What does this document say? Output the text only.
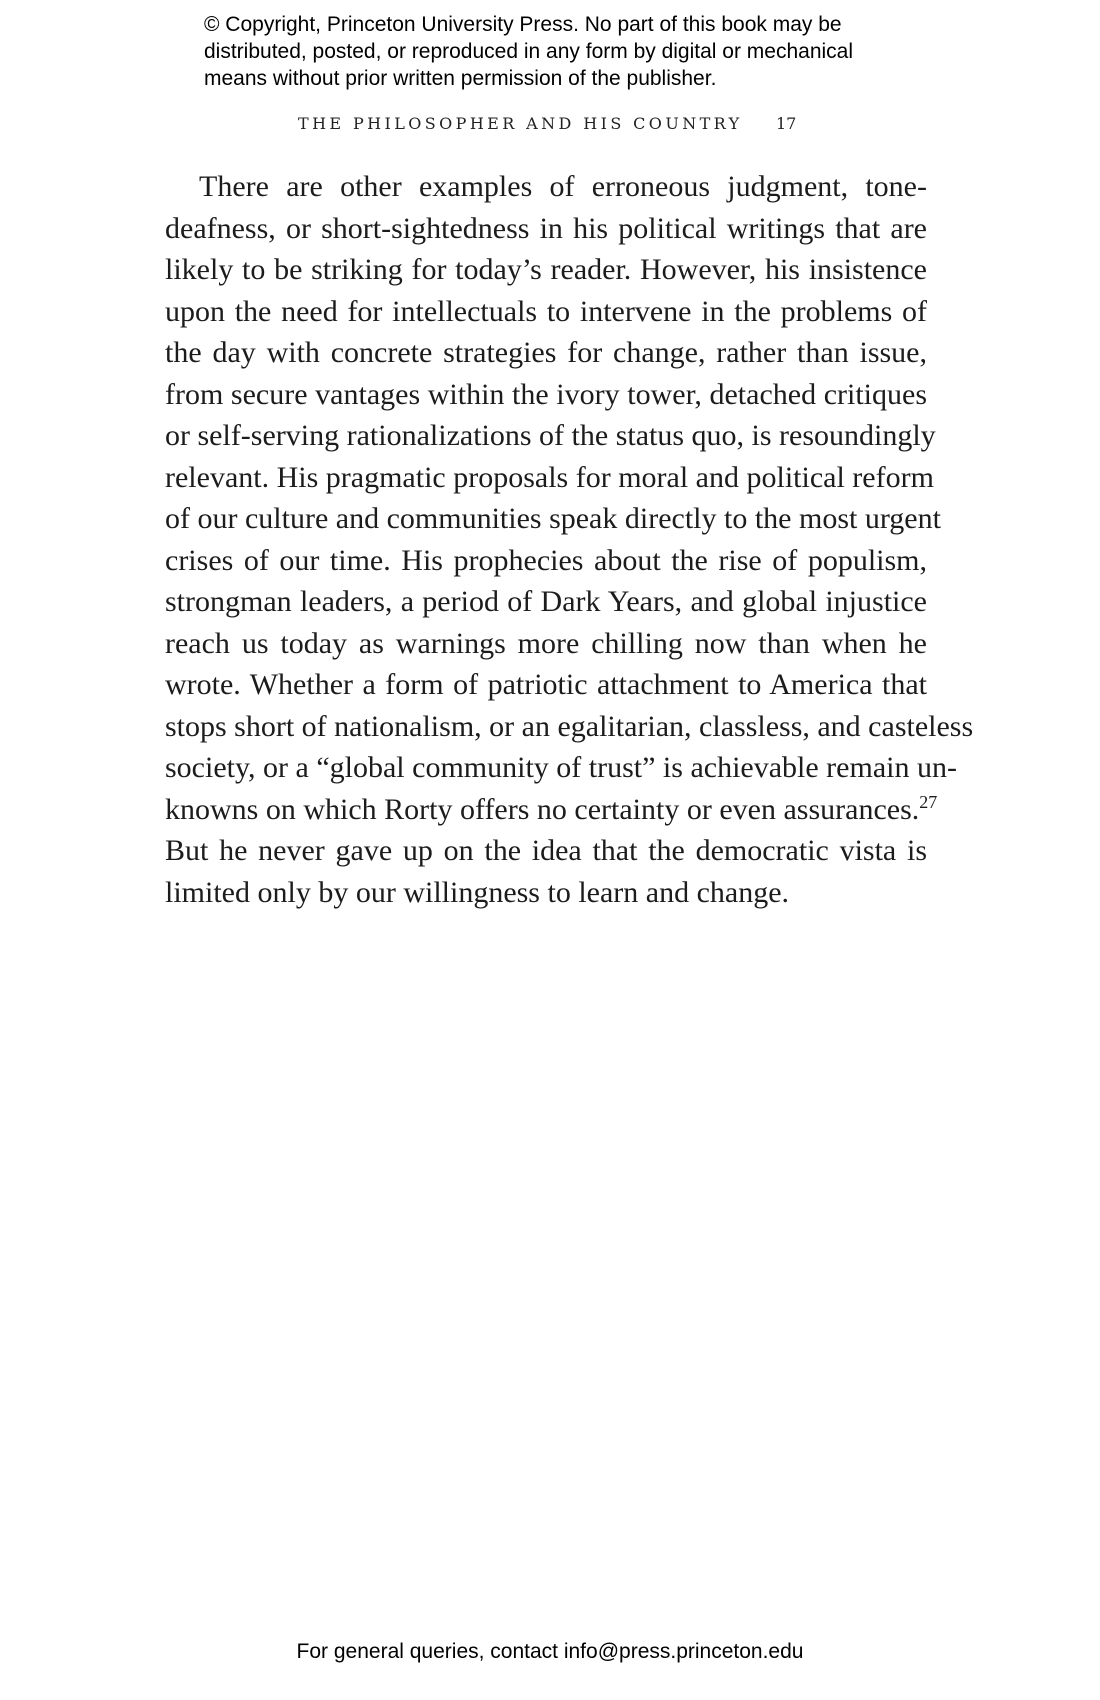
© Copyright, Princeton University Press. No part of this book may be
distributed, posted, or reproduced in any form by digital or mechanical
means without prior written permission of the publisher.
THE PHILOSOPHER AND HIS COUNTRY 17
There are other examples of erroneous judgment, tone-
deafness, or short-sightedness in his political writings that are
likely to be striking for today’s reader. However, his insistence
upon the need for intellectuals to intervene in the problems of
the day with concrete strategies for change, rather than issue,
from secure vantages within the ivory tower, detached critiques
or self-serving rationalizations of the status quo, is resoundingly
relevant. His pragmatic proposals for moral and political reform
of our culture and communities speak directly to the most urgent
crises of our time. His prophecies about the rise of populism,
strongman leaders, a period of Dark Years, and global injustice
reach us today as warnings more chilling now than when he
wrote. Whether a form of patriotic attachment to America that
stops short of nationalism, or an egalitarian, classless, and casteless
society, or a “global community of trust” is achievable remain un-
knowns on which Rorty offers no certainty or even assurances.$^{27}$
But he never gave up on the idea that the democratic vista is
limited only by our willingness to learn and change.
For general queries, contact info@press.princeton.edu
